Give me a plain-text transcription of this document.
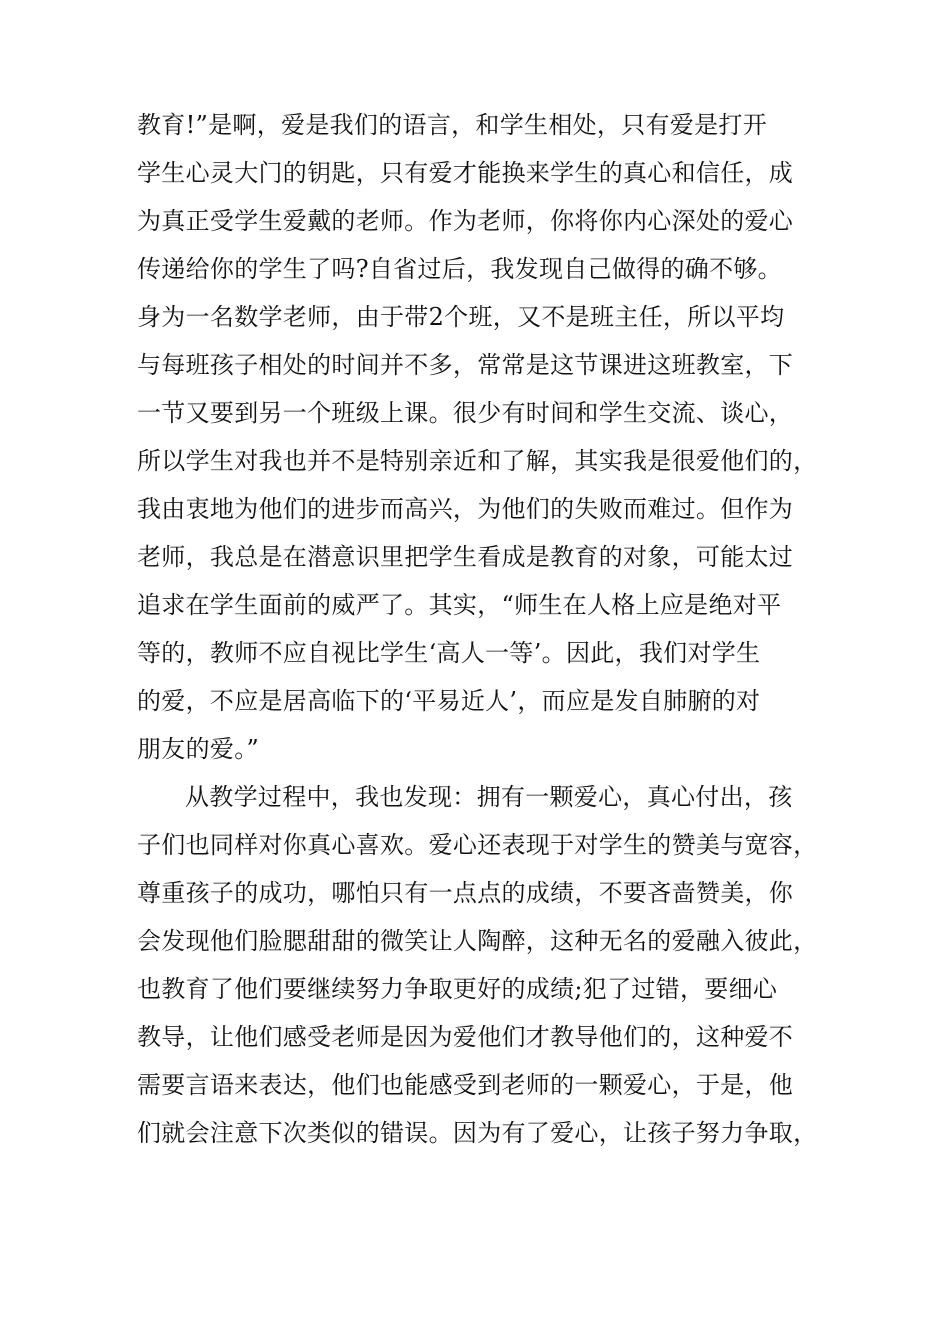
教育!”是啊，爱是我们的语言，和学生相处，只有爱是打开
学生心灵大门的钥匙，只有爱才能换来学生的真心和信任，成
为真正受学生爱戴的老师。作为老师，你将你内心深处的爱心
传递给你的学生了吗?自省过后，我发现自己做得的确不够。
身为一名数学老师，由于带2个班，又不是班主任，所以平均
与每班孩子相处的时间并不多，常常是这节课进这班教室，下
一节又要到另一个班级上课。很少有时间和学生交流、谈心，
所以学生对我也并不是特别亲近和了解，其实我是很爱他们的，
我由衷地为他们的进步而高兴，为他们的失败而难过。但作为
老师，我总是在潜意识里把学生看成是教育的对象，可能太过
追求在学生面前的威严了。其实，“师生在人格上应是绝对平
等的，教师不应自视比学生‘高人一等’。因此，我们对学生
的爱，不应是居高临下的‘平易近人’，而应是发自肺腑的对
朋友的爱。”
从教学过程中，我也发现：拥有一颗爱心，真心付出，孩
子们也同样对你真心喜欢。爱心还表现于对学生的赞美与宽容，
尊重孩子的成功，哪怕只有一点点的成绩，不要吝啬赞美，你
会发现他们脸腮甜甜的微笑让人陶醉，这种无名的爱融入彼此，
也教育了他们要继续努力争取更好的成绩;犯了过错，要细心
教导，让他们感受老师是因为爱他们才教导他们的，这种爱不
需要言语来表达，他们也能感受到老师的一颗爱心，于是，他
们就会注意下次类似的错误。因为有了爱心，让孩子努力争取，
